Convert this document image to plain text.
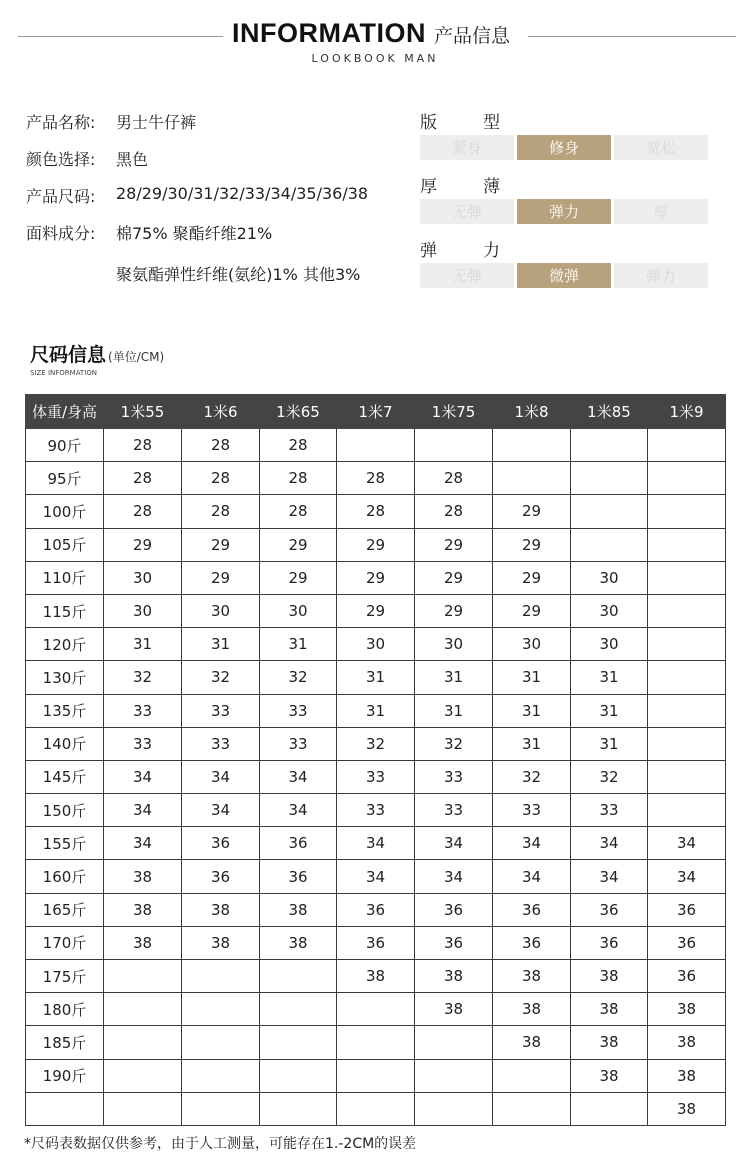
INFORMATION 产品信息
LOOKBOOK MAN
产品名称:	男士牛仔裤
颜色选择:	黑色
产品尺码:	28/29/30/31/32/33/34/35/36/38
面料成分:	棉75% 聚酯纤维21%
聚氨酯弹性纤维(氨纶)1% 其他3%
版	型
紧身	修身	宽松
厚	薄
无弹	弹力	厚
弹	力
无弹	微弹	弹力
尺码信息 (单位/CM)
SIZE INFORMATION
体重/身高	1米55	1米6	1米65	1米7	1米75	1米8	1米85	1米9
90斤	28	28	28					
95斤	28	28	28	28	28			
100斤	28	28	28	28	28	29		
105斤	29	29	29	29	29	29		
110斤	30	29	29	29	29	29	30	
115斤	30	30	30	29	29	29	30	
120斤	31	31	31	30	30	30	30	
130斤	32	32	32	31	31	31	31	
135斤	33	33	33	31	31	31	31	
140斤	33	33	33	32	32	31	31	
145斤	34	34	34	33	33	32	32	
150斤	34	34	34	33	33	33	33	
155斤	34	36	36	34	34	34	34	34
160斤	38	36	36	34	34	34	34	34
165斤	38	38	38	36	36	36	36	36
170斤	38	38	38	36	36	36	36	36
175斤				38	38	38	38	36
180斤					38	38	38	38
185斤						38	38	38
190斤							38	38
								38
*尺码表数据仅供参考，由于人工测量，可能存在1.-2CM的误差
